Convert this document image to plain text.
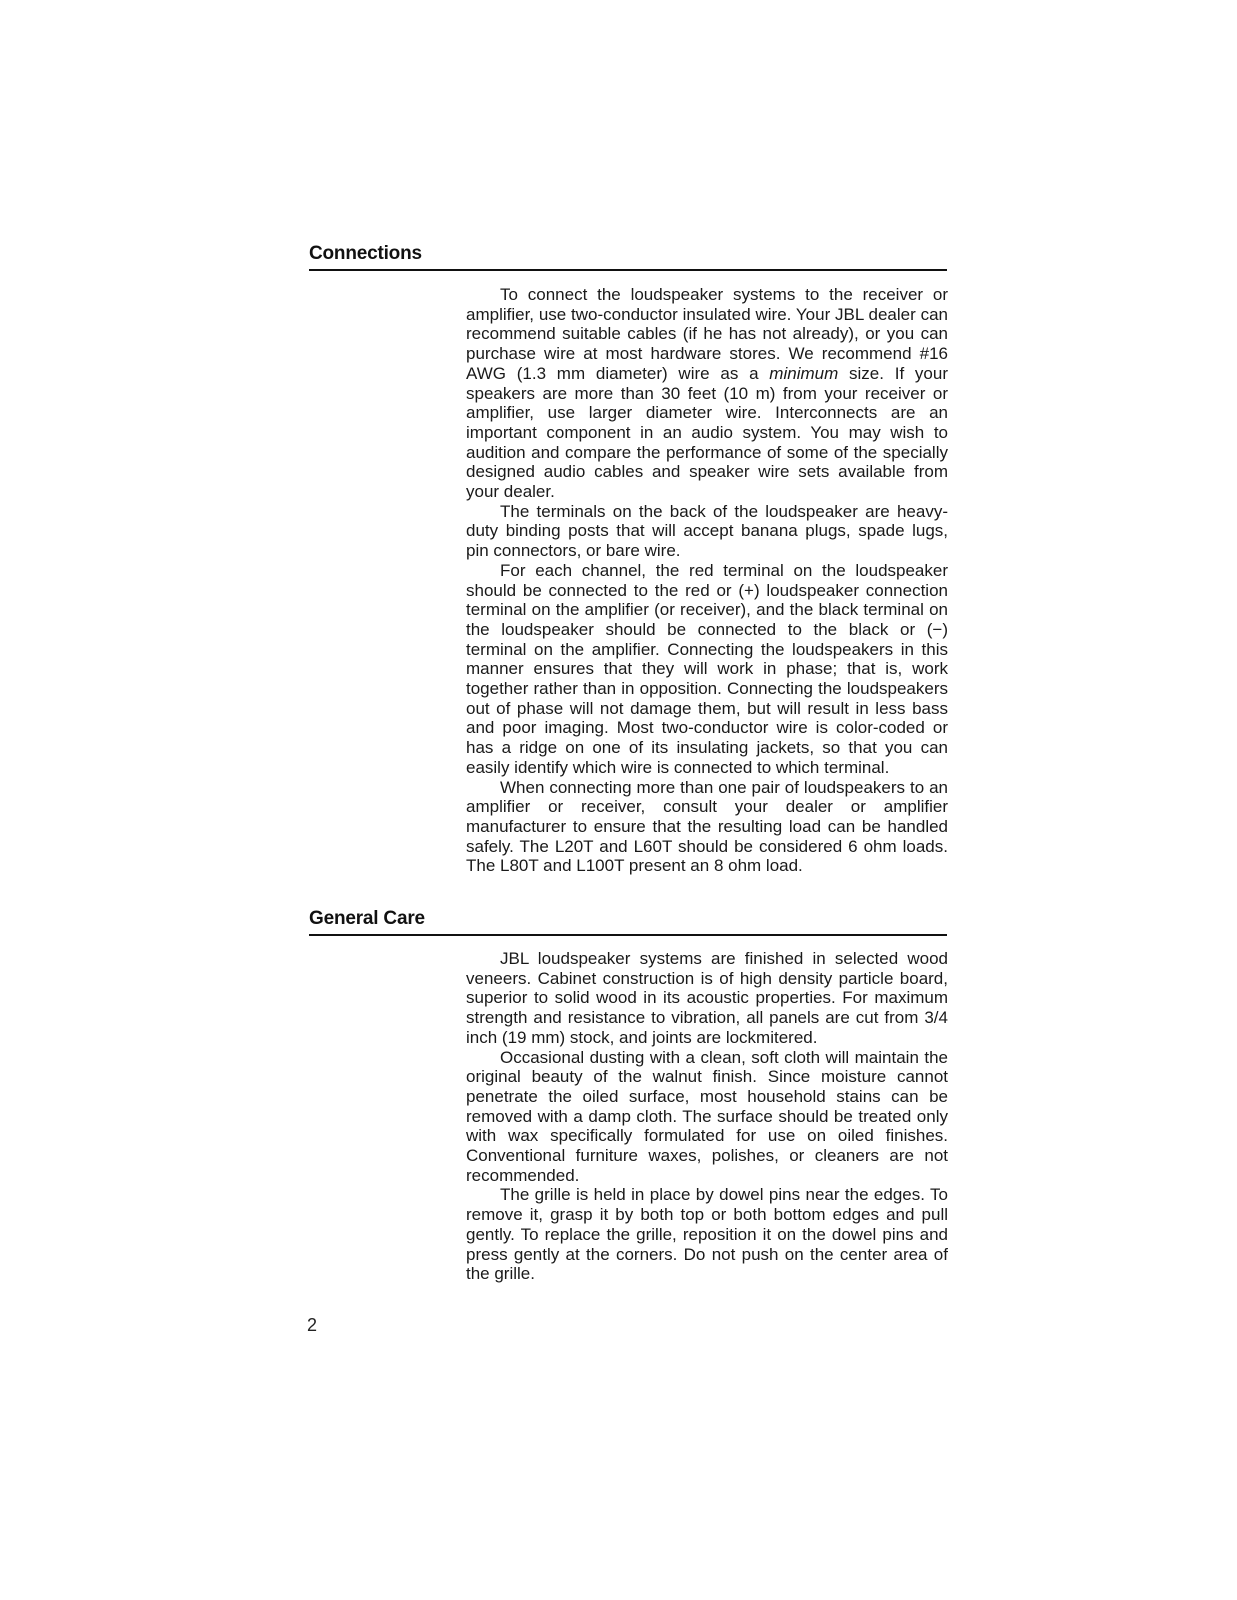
Connections

To connect the loudspeaker systems to the receiver or amplifier, use two-conductor insulated wire. Your JBL dealer can recommend suitable cables (if he has not already), or you can purchase wire at most hardware stores. We recommend #16 AWG (1.3 mm diameter) wire as a minimum size. If your speakers are more than 30 feet (10 m) from your receiver or amplifier, use larger diameter wire. Interconnects are an important component in an audio system. You may wish to audition and compare the performance of some of the specially designed audio cables and speaker wire sets available from your dealer.

The terminals on the back of the loudspeaker are heavy-duty binding posts that will accept banana plugs, spade lugs, pin connectors, or bare wire.

For each channel, the red terminal on the loudspeaker should be connected to the red or (+) loudspeaker connection terminal on the amplifier (or receiver), and the black terminal on the loudspeaker should be connected to the black or (−) terminal on the amplifier. Connecting the loudspeakers in this manner ensures that they will work in phase; that is, work together rather than in opposition. Connecting the loudspeakers out of phase will not damage them, but will result in less bass and poor imaging. Most two-conductor wire is color-coded or has a ridge on one of its insulating jackets, so that you can easily identify which wire is connected to which terminal.

When connecting more than one pair of loudspeakers to an amplifier or receiver, consult your dealer or amplifier manufacturer to ensure that the resulting load can be handled safely. The L20T and L60T should be considered 6 ohm loads. The L80T and L100T present an 8 ohm load.

General Care

JBL loudspeaker systems are finished in selected wood veneers. Cabinet construction is of high density particle board, superior to solid wood in its acoustic properties. For maximum strength and resistance to vibration, all panels are cut from 3/4 inch (19 mm) stock, and joints are lockmitered.

Occasional dusting with a clean, soft cloth will maintain the original beauty of the walnut finish. Since moisture cannot penetrate the oiled surface, most household stains can be removed with a damp cloth. The surface should be treated only with wax specifically formulated for use on oiled finishes. Conventional furniture waxes, polishes, or cleaners are not recommended.

The grille is held in place by dowel pins near the edges. To remove it, grasp it by both top or both bottom edges and pull gently. To replace the grille, reposition it on the dowel pins and press gently at the corners. Do not push on the center area of the grille.

2
